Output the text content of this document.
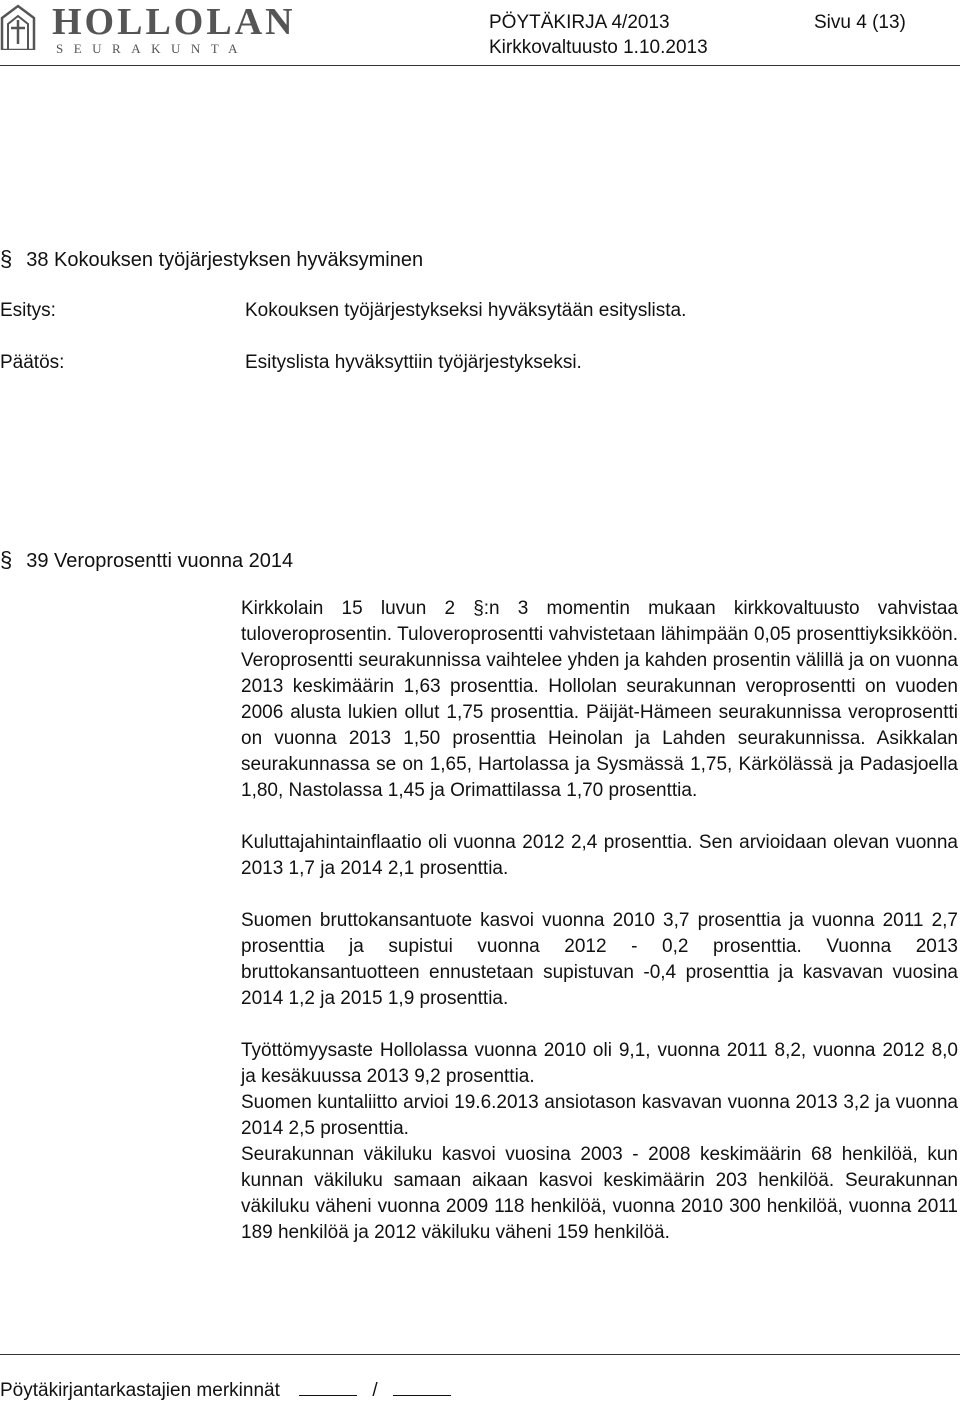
HOLLOLAN
SEURAKUNTA
PÖYTÄKIRJA 4/2013	Sivu 4 (13)
Kirkkovaltuusto 1.10.2013
§ 38 Kokouksen työjärjestyksen hyväksyminen
Esitys:	Kokouksen työjärjestykseksi hyväksytään esityslista.
Päätös:	Esityslista hyväksyttiin työjärjestykseksi.
§ 39 Veroprosentti vuonna 2014

Kirkkolain 15 luvun 2 §:n 3 momentin mukaan kirkkovaltuusto vahvistaa tuloveroprosentin. Tuloveroprosentti vahvistetaan lähimpään 0,05 prosenttiyksikköön. Veroprosentti seurakunnissa vaihtelee yhden ja kahden prosentin välillä ja on vuonna 2013 keskimäärin 1,63 prosenttia. Hollolan seurakunnan veroprosentti on vuoden 2006 alusta lukien ollut 1,75 prosenttia. Päijät-Hämeen seurakunnissa veroprosentti on vuonna 2013 1,50 prosenttia Heinolan ja Lahden seurakunnissa. Asikkalan seurakunnassa se on 1,65, Hartolassa ja Sysmässä 1,75, Kärkölässä ja Padasjoella 1,80, Nastolassa 1,45 ja Orimattilassa 1,70 prosenttia.

Kuluttajahintainflaatio oli vuonna 2012 2,4 prosenttia. Sen arvioidaan olevan vuonna 2013 1,7 ja 2014 2,1 prosenttia.

Suomen bruttokansantuote kasvoi vuonna 2010 3,7 prosenttia ja vuonna 2011 2,7 prosenttia ja supistui vuonna 2012 - 0,2 prosenttia. Vuonna 2013 bruttokansantuotteen ennustetaan supistuvan -0,4 prosenttia ja kasvavan vuosina 2014 1,2 ja 2015 1,9 prosenttia.

Työttömyysaste Hollolassa vuonna 2010 oli 9,1, vuonna 2011 8,2, vuonna 2012 8,0 ja kesäkuussa 2013 9,2 prosenttia.

Suomen kuntaliitto arvioi 19.6.2013 ansiotason kasvavan vuonna 2013 3,2 ja vuonna 2014 2,5 prosenttia.

Seurakunnan väkiluku kasvoi vuosina 2003 - 2008 keskimäärin 68 henkilöä, kun kunnan väkiluku samaan aikaan kasvoi keskimäärin 203 henkilöä. Seurakunnan väkiluku väheni vuonna 2009 118 henkilöä, vuonna 2010 300 henkilöä, vuonna 2011 189 henkilöä ja 2012 väkiluku väheni 159 henkilöä.

Pöytäkirjantarkastajien merkinnät	/
